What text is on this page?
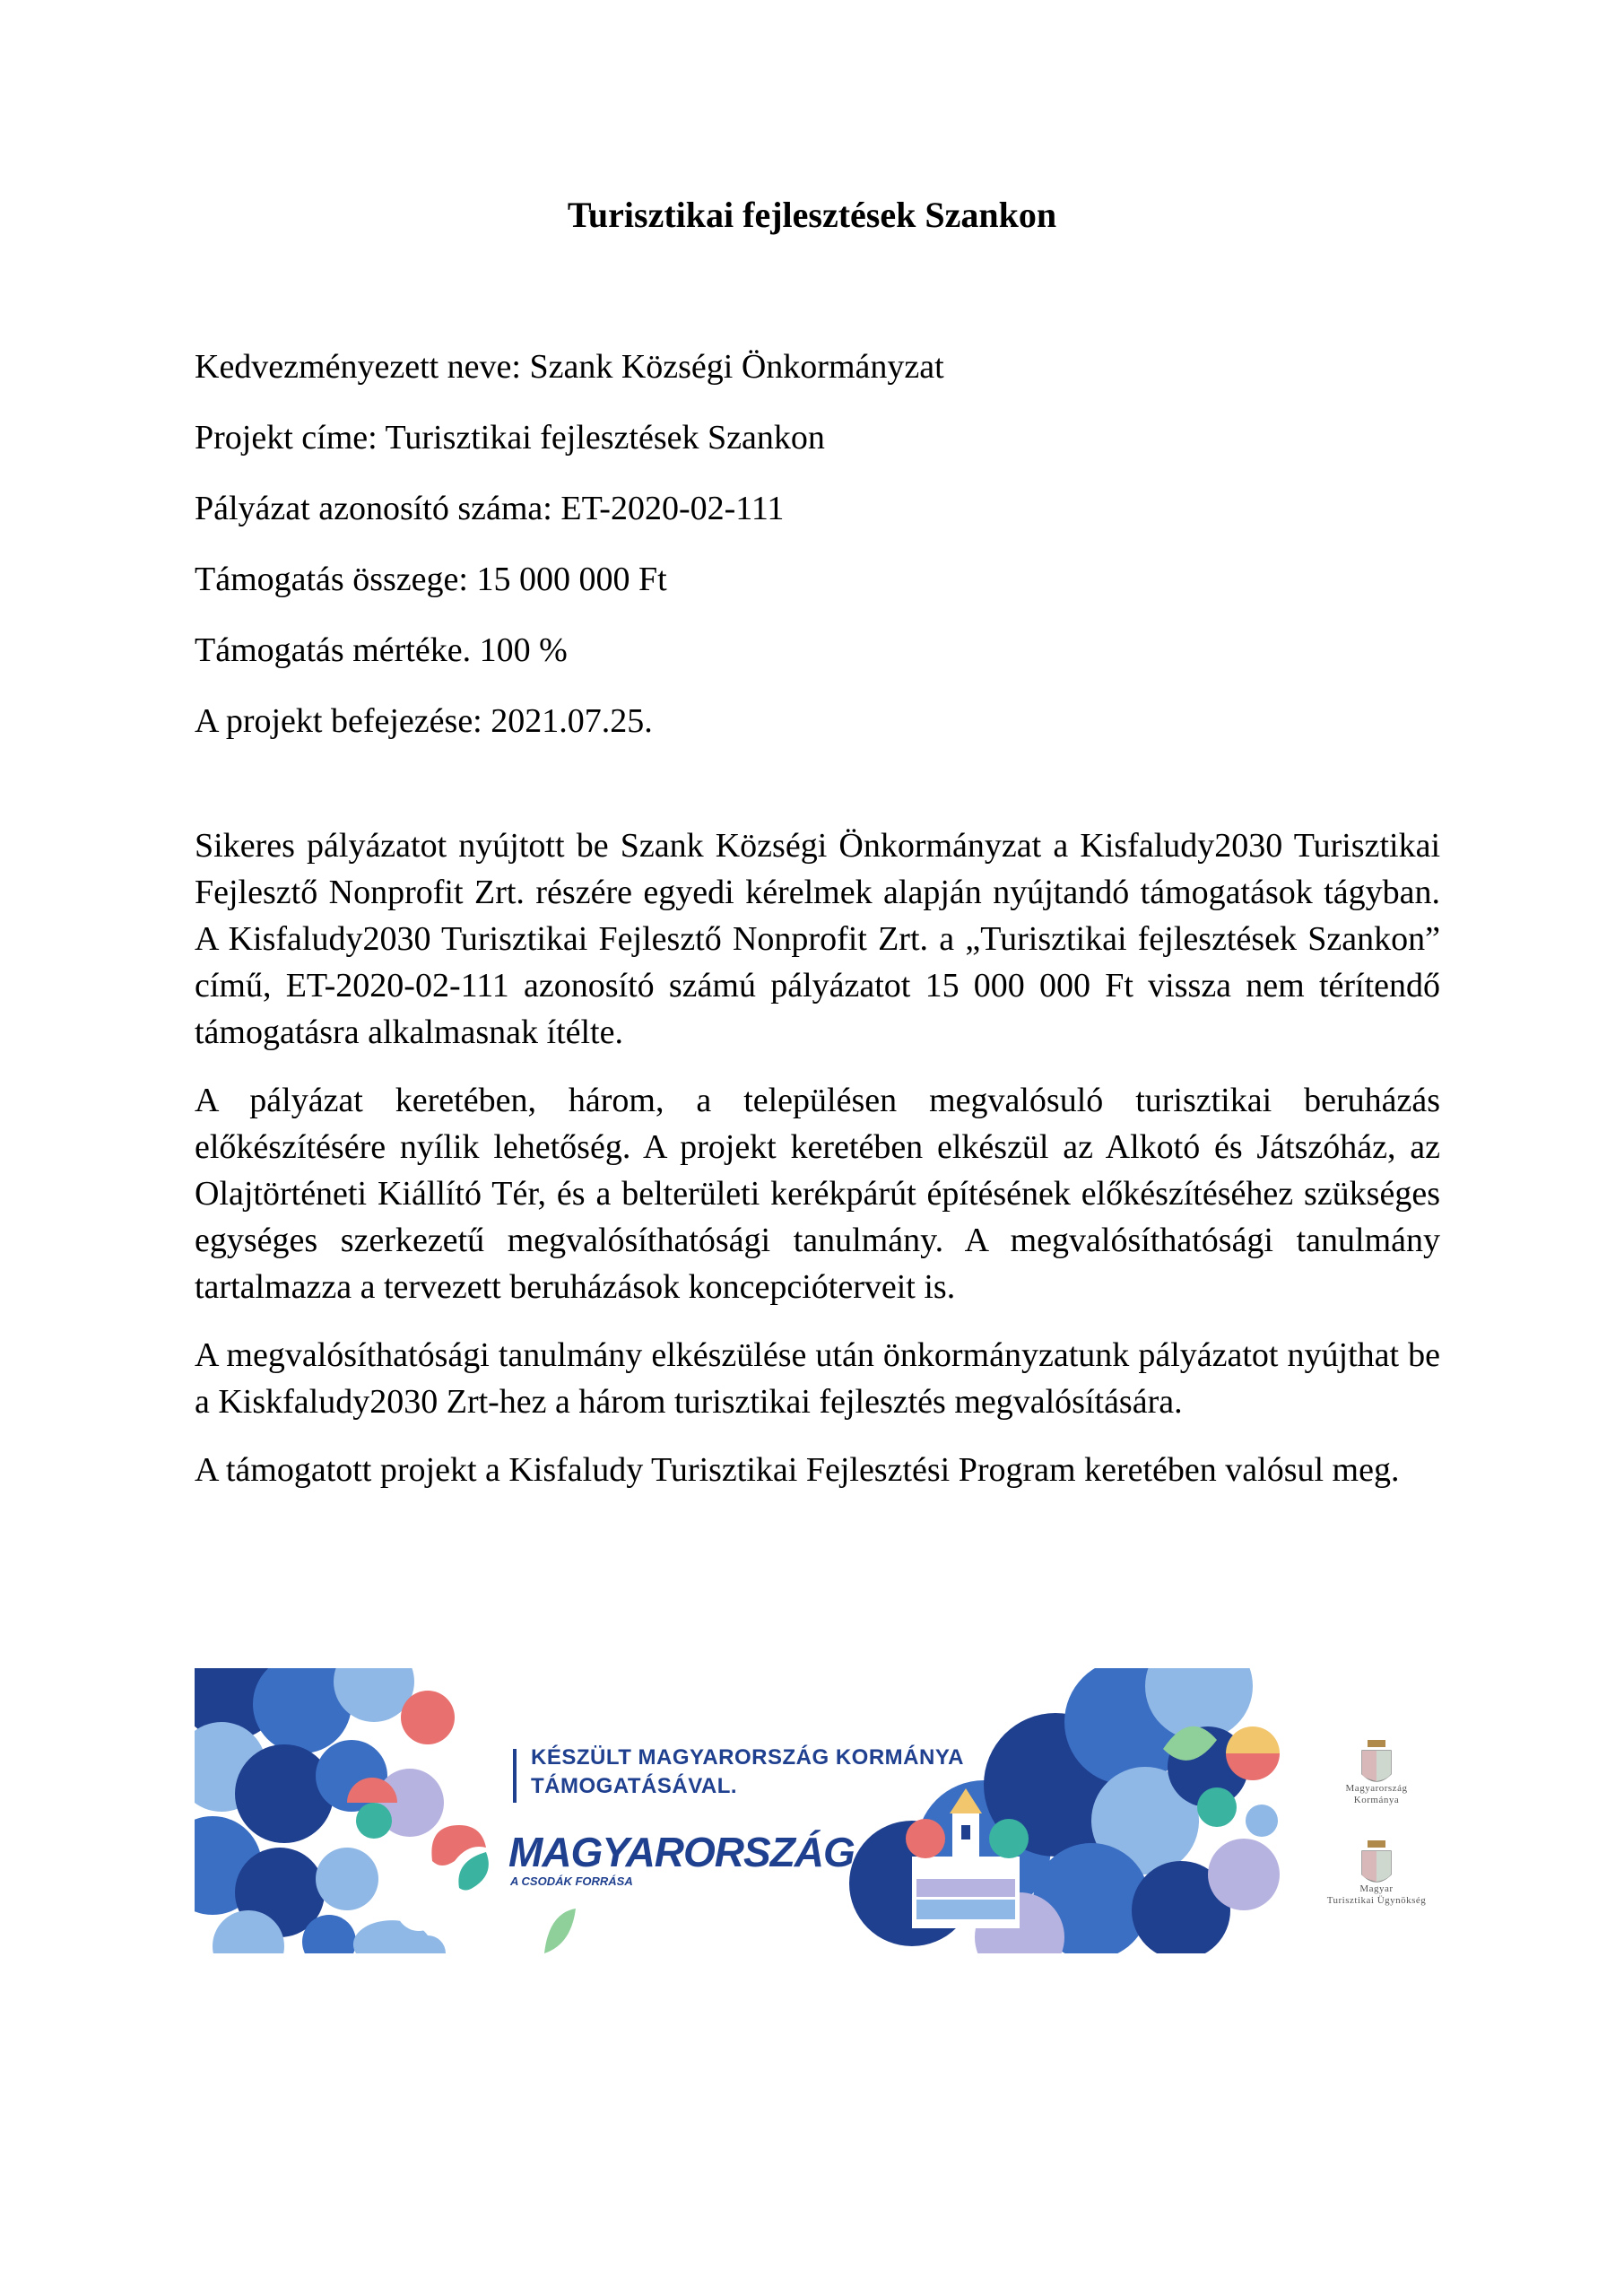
Turisztikai fejlesztések Szankon

Kedvezményezett neve: Szank Községi Önkormányzat

Projekt címe: Turisztikai fejlesztések Szankon

Pályázat azonosító száma: ET-2020-02-111

Támogatás összege: 15 000 000 Ft

Támogatás mértéke. 100 %

A projekt befejezése: 2021.07.25.

Sikeres pályázatot nyújtott be Szank Községi Önkormányzat a Kisfaludy2030 Turisztikai Fejlesztő Nonprofit Zrt. részére egyedi kérelmek alapján nyújtandó támogatások tágyban. A Kisfaludy2030 Turisztikai Fejlesztő Nonprofit Zrt. a „Turisztikai fejlesztések Szankon” című, ET-2020-02-111 azonosító számú pályázatot 15 000 000 Ft vissza nem térítendő támogatásra alkalmasnak ítélte.

A pályázat keretében, három, a településen megvalósuló turisztikai beruházás előkészítésére nyílik lehetőség. A projekt keretében elkészül az Alkotó és Játszóház, az Olajtörténeti Kiállító Tér, és a belterületi kerékpárút építésének előkészítéséhez szükséges egységes szerkezetű megvalósíthatósági tanulmány. A megvalósíthatósági tanulmány tartalmazza a tervezett beruházások koncepcióterveit is.

A megvalósíthatósági tanulmány elkészülése után önkormányzatunk pályázatot nyújthat be a Kiskfaludy2030 Zrt-hez a három turisztikai fejlesztés megvalósítására.

A támogatott projekt a Kisfaludy Turisztikai Fejlesztési Program keretében valósul meg.

KÉSZÜLT MAGYARORSZÁG KORMÁNYA
TÁMOGATÁSÁVAL.
MAGYARORSZÁG
A CSODÁK FORRÁSA
Magyarország
Kormánya
Magyar
Turisztikai Ügynökség
